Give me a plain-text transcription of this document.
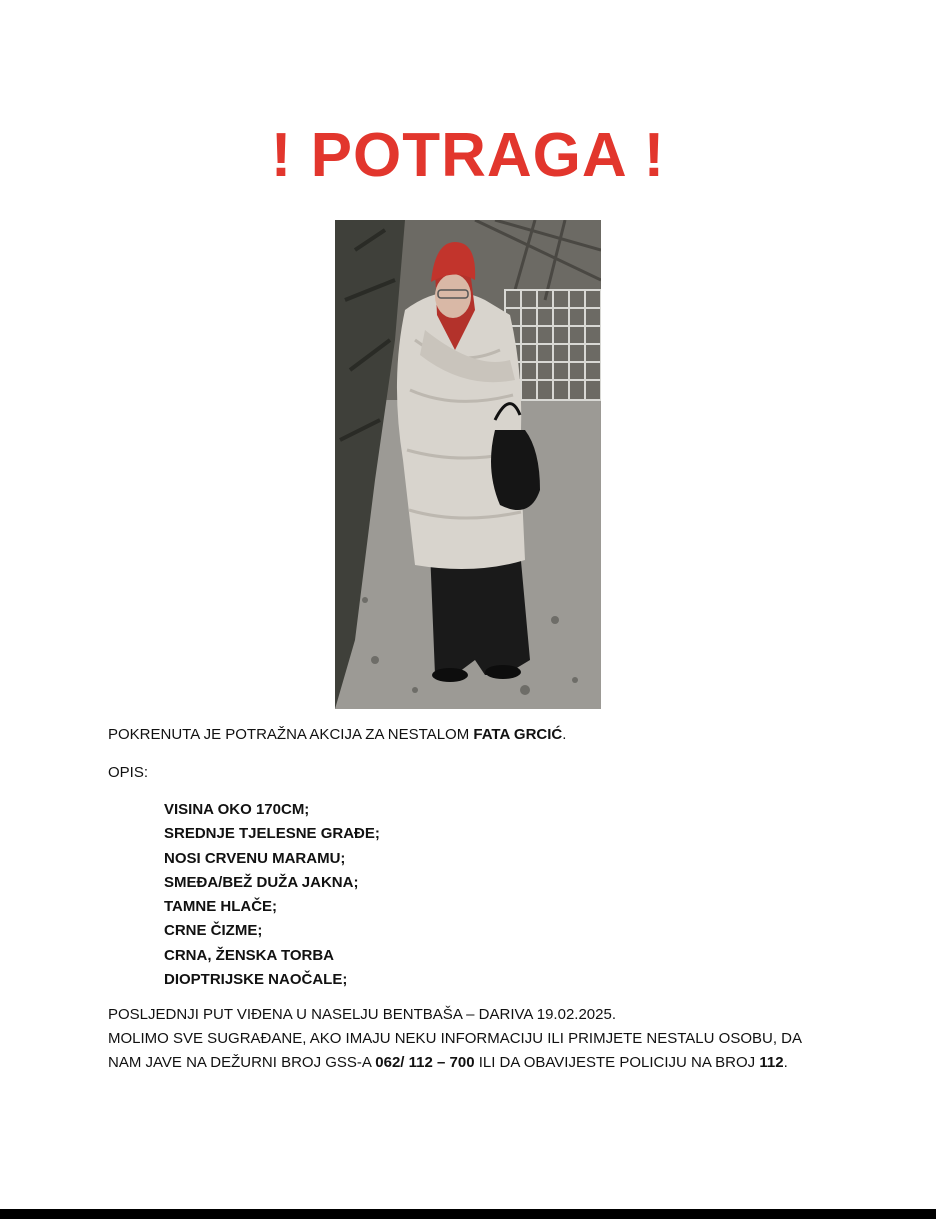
! POTRAGA !
POKRENUTA JE POTRAŽNA AKCIJA ZA NESTALOM FATA GRCIĆ.
OPIS:
VISINA OKO 170CM;
SREDNJE TJELESNE GRAĐE;
NOSI CRVENU MARAMU;
SMEĐA/BEŽ DUŽA JAKNA;
TAMNE HLAČE;
CRNE ČIZME;
CRNA, ŽENSKA TORBA
DIOPTRIJSKE NAOČALE;
POSLJEDNJI PUT VIĐENA U NASELJU BENTBAŠA – DARIVA 19.02.2025.
MOLIMO SVE SUGRAĐANE, AKO IMAJU NEKU INFORMACIJU ILI PRIMJETE NESTALU OSOBU, DA
NAM JAVE NA DEŽURNI BROJ GSS-A 062/ 112 – 700 ILI DA OBAVIJESTE POLICIJU NA BROJ 112.
